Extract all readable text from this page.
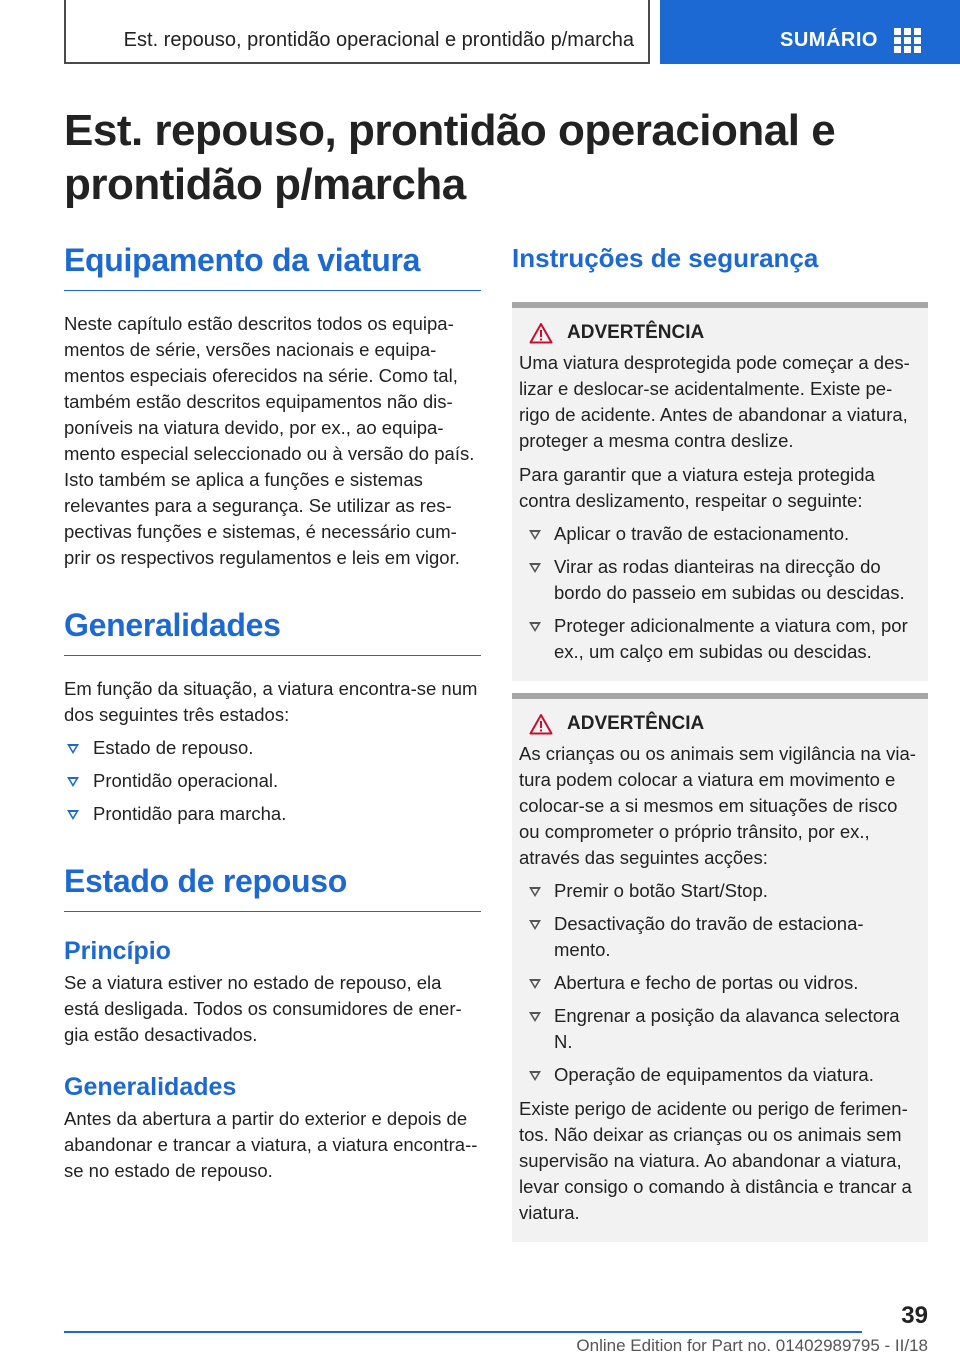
Est. repouso, prontidão operacional e prontidão p/marcha	SUMÁRIO
Est. repouso, prontidão operacional e prontidão p/marcha
Equipamento da viatura

Neste capítulo estão descritos todos os equipa-mentos de série, versões nacionais e equipa-mentos especiais oferecidos na série. Como tal, também estão descritos equipamentos não dis-poníveis na viatura devido, por ex., ao equipa-mento especial seleccionado ou à versão do país. Isto também se aplica a funções e sistemas relevantes para a segurança. Se utilizar as res-pectivas funções e sistemas, é necessário cum-prir os respectivos regulamentos e leis em vigor.

Generalidades

Em função da situação, a viatura encontra-se num dos seguintes três estados:

Estado de repouso.
Prontidão operacional.
Prontidão para marcha.
Estado de repouso
Princípio

Se a viatura estiver no estado de repouso, ela está desligada. Todos os consumidores de ener-gia estão desactivados.

Generalidades

Antes da abertura a partir do exterior e depois de abandonar e trancar a viatura, a viatura encontra--se no estado de repouso.

Instruções de segurança
ADVERTÊNCIA

Uma viatura desprotegida pode começar a des-lizar e deslocar-se acidentalmente. Existe pe-rigo de acidente. Antes de abandonar a viatura, proteger a mesma contra deslize.

Para garantir que a viatura esteja protegida contra deslizamento, respeitar o seguinte:

Aplicar o travão de estacionamento.
Virar as rodas dianteiras na direcção do bordo do passeio em subidas ou descidas.
Proteger adicionalmente a viatura com, por ex., um calço em subidas ou descidas.
ADVERTÊNCIA

As crianças ou os animais sem vigilância na via-tura podem colocar a viatura em movimento e colocar-se a si mesmos em situações de risco ou comprometer o próprio trânsito, por ex., através das seguintes acções:

Premir o botão Start/Stop.
Desactivação do travão de estaciona-mento.
Abertura e fecho de portas ou vidros.
Engrenar a posição da alavanca selectora N.
Operação de equipamentos da viatura.

Existe perigo de acidente ou perigo de ferimen-tos. Não deixar as crianças ou os animais sem supervisão na viatura. Ao abandonar a viatura, levar consigo o comando à distância e trancar a viatura.

39
Online Edition for Part no. 01402989795 - II/18
